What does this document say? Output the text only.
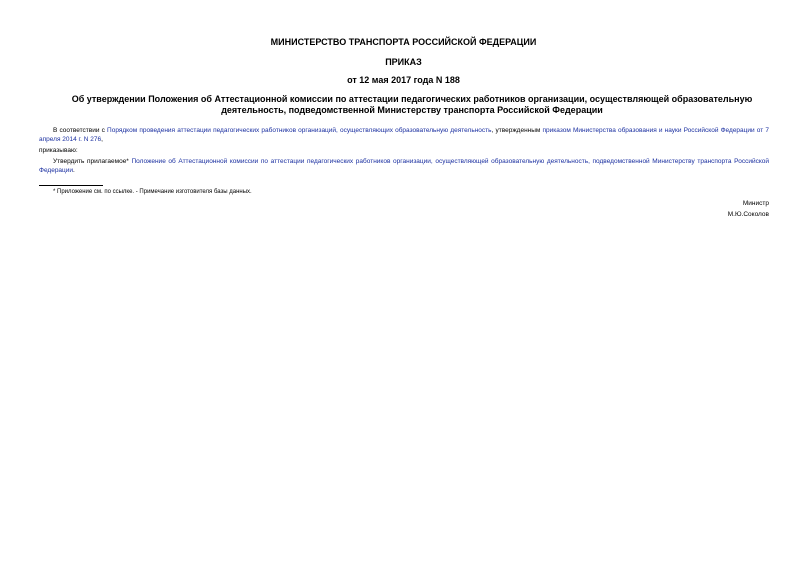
МИНИСТЕРСТВО ТРАНСПОРТА РОССИЙСКОЙ ФЕДЕРАЦИИ

ПРИКАЗ

от 12 мая 2017 года N 188

Об утверждении Положения об Аттестационной комиссии по аттестации педагогических работников организации, осуществляющей образовательную деятельность, подведомственной Министерству транспорта Российской Федерации

В соответствии с Порядком проведения аттестации педагогических работников организаций, осуществляющих образовательную деятельность, утвержденным приказом Министерства образования и науки Российской Федерации от 7 апреля 2014 г. N 276,

приказываю:

Утвердить прилагаемое* Положение об Аттестационной комиссии по аттестации педагогических работников организации, осуществляющей образовательную деятельность, подведомственной Министерству транспорта Российской Федерации.

* Приложение см. по ссылке. - Примечание изготовителя базы данных.

Министр

М.Ю.Соколов
